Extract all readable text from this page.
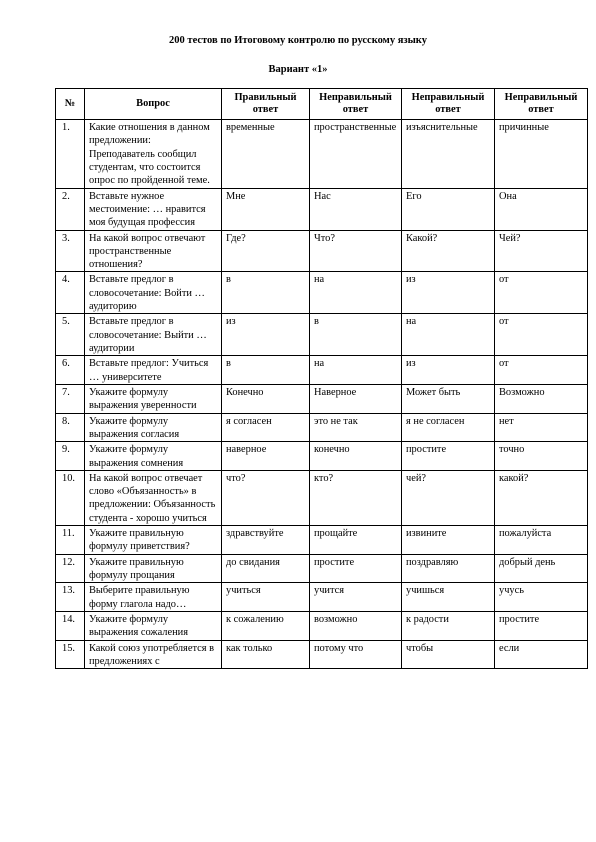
200 тестов по Итоговому контролю по русскому языку
Вариант «1»
№	Вопрос	Правильный ответ	Неправильный ответ	Неправильный ответ	Неправильный ответ
1.	Какие отношения в данном предложении: Преподаватель сообщил студентам, что состоится опрос по пройденной теме.	временные	пространственные	изъяснительные	причинные
2.	Вставьте нужное местоимение: … нравится моя будущая профессия	Мне	Нас	Его	Она
3.	На какой вопрос отвечают пространственные отношения?	Где?	Что?	Какой?	Чей?
4.	Вставьте предлог в словосочетание: Войти … аудиторию	в	на	из	от
5.	Вставьте предлог в словосочетание: Выйти … аудитории	из	в	на	от
6.	Вставьте предлог: Учиться … университете	в	на	из	от
7.	Укажите формулу выражения уверенности	Конечно	Наверное	Может быть	Возможно
8.	Укажите формулу выражения согласия	я согласен	это не так	я не согласен	нет
9.	Укажите формулу выражения сомнения	наверное	конечно	простите	точно
10.	На какой вопрос отвечает слово «Объязанность» в предложении: Объязанность студента - хорошо учиться	что?	кто?	чей?	какой?
11.	Укажите правильную формулу приветствия?	здравствуйте	прощайте	извините	пожалуйста
12.	Укажите правильную формулу прощания	до свидания	простите	поздравляю	добрый день
13.	Выберите правильную форму глагола надо…	учиться	учится	учишься	учусь
14.	Укажите формулу выражения сожаления	к сожалению	возможно	к радости	простите
15.	Какой союз употребляется в предложениях с	как только	потому что	чтобы	если
